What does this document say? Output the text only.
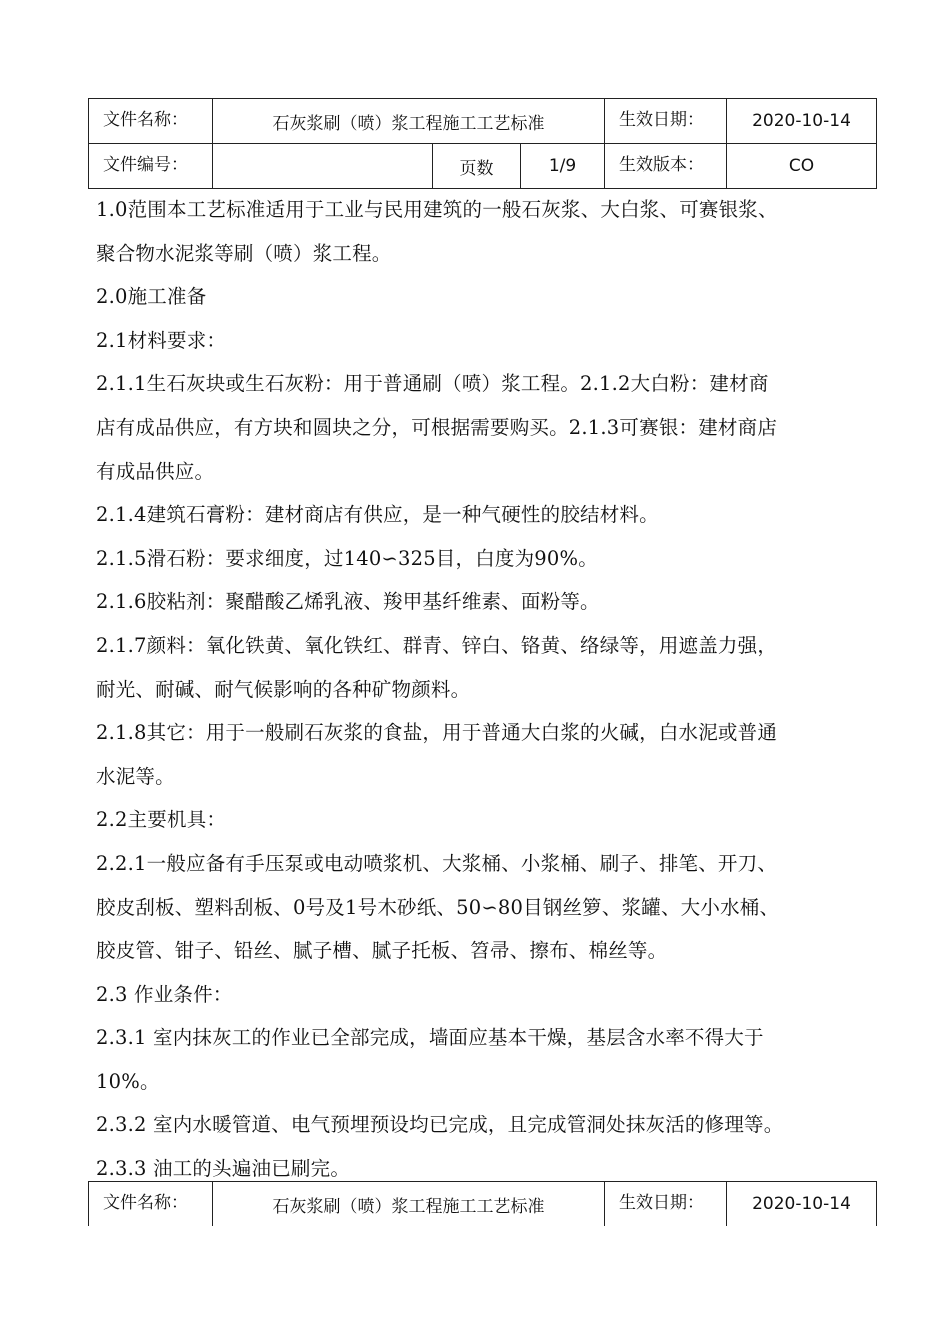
文件名称：	石灰浆刷（喷）浆工程施工工艺标准			生效日期：	2020-10-14
文件编号：		页数	1/9	生效版本：	CO

1.0范围本工艺标准适用于工业与民用建筑的一般石灰浆、大白浆、可赛银浆、

聚合物水泥浆等刷（喷）浆工程。

2.0施工准备

2.1材料要求：

2.1.1生石灰块或生石灰粉：用于普通刷（喷）浆工程。2.1.2大白粉：建材商

店有成品供应，有方块和圆块之分，可根据需要购买。2.1.3可赛银：建材商店

有成品供应。

2.1.4建筑石膏粉：建材商店有供应，是一种气硬性的胶结材料。

2.1.5滑石粉：要求细度，过140∽325目，白度为90%。

2.1.6胶粘剂：聚醋酸乙烯乳液、羧甲基纤维素、面粉等。

2.1.7颜料：氧化铁黄、氧化铁红、群青、锌白、铬黄、络绿等，用遮盖力强，

耐光、耐碱、耐气候影响的各种矿物颜料。

2.1.8其它：用于一般刷石灰浆的食盐，用于普通大白浆的火碱，白水泥或普通

水泥等。

2.2主要机具：

2.2.1一般应备有手压泵或电动喷浆机、大浆桶、小浆桶、刷子、排笔、开刀、

胶皮刮板、塑料刮板、0号及1号木砂纸、50∽80目钢丝箩、浆罐、大小水桶、

胶皮管、钳子、铅丝、腻子槽、腻子托板、笤帚、擦布、棉丝等。

2.3 作业条件：

2.3.1 室内抹灰工的作业已全部完成，墙面应基本干燥，基层含水率不得大于

10%。

2.3.2 室内水暖管道、电气预埋预设均已完成，且完成管洞处抹灰活的修理等。

2.3.3 油工的头遍油已刷完。

文件名称：	石灰浆刷（喷）浆工程施工工艺标准	生效日期：	2020-10-14
